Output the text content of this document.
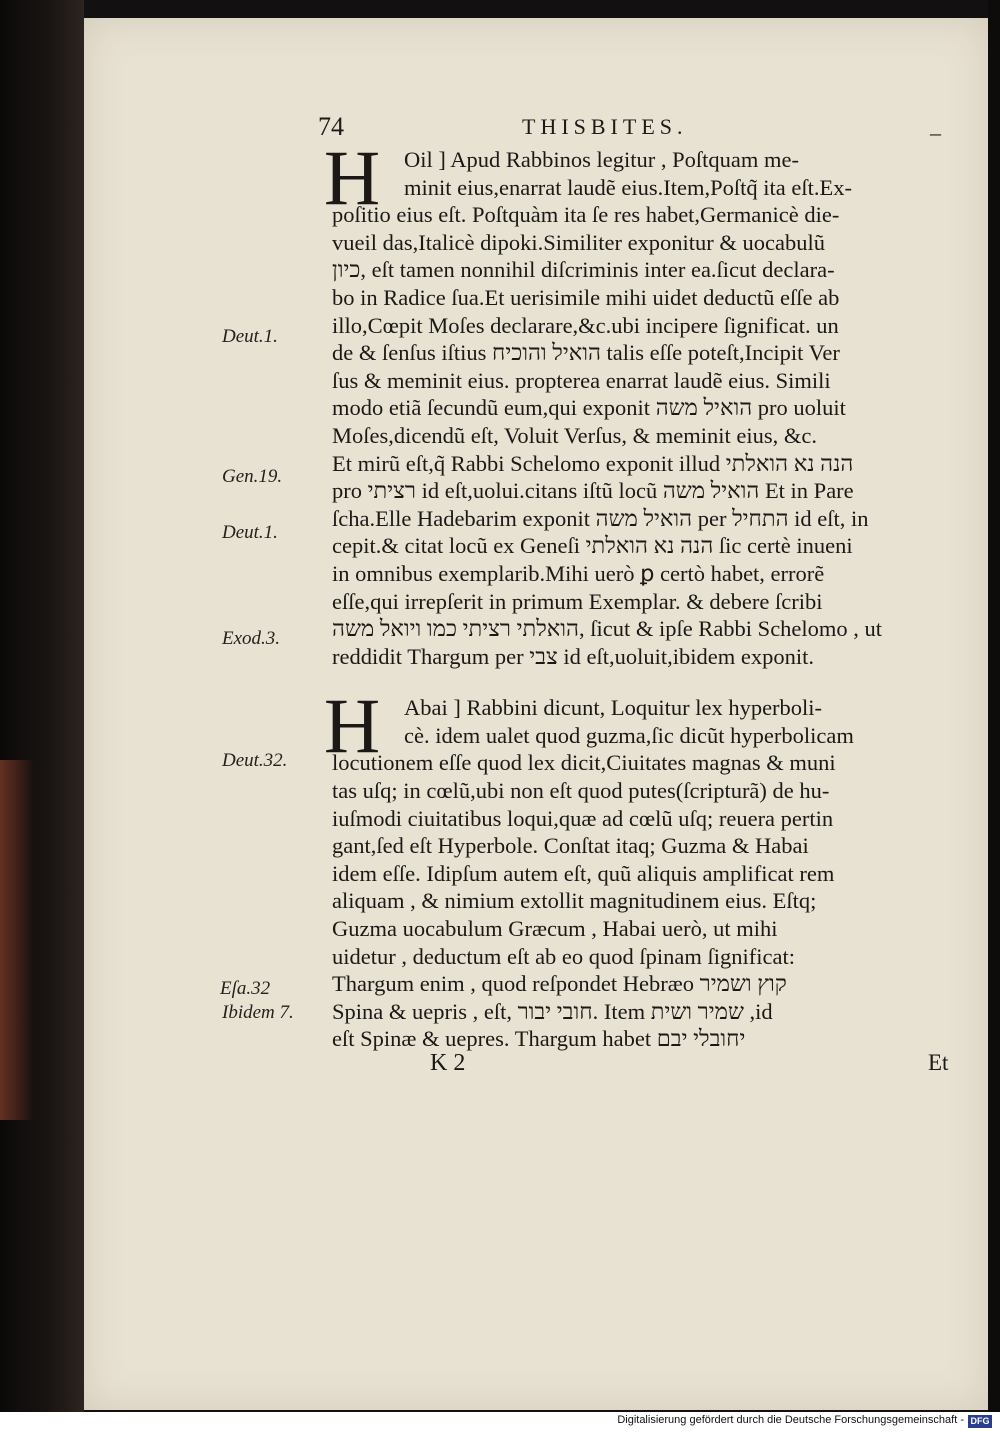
74	THISBITES.	–
H	Oil ] Apud Rabbinos legitur , Poſtquam me-
minit eius,enarrat laudẽ eius.Item,Poſtq̃ ita eſt.Ex-
poſitio eius eſt. Poſtquàm ita ſe res habet,Germanicè die-
vueil das,Italicè dipoki.Similiter exponitur & uocabulũ
כיון, eſt tamen nonnihil diſcriminis inter ea.ſicut declara-
bo in Radice ſua.Et uerisimile mihi uidet deductũ eſſe ab
illo,Cœpit Moſes declarare,&c.ubi incipere ſignificat. un
de & ſenſus iſtius הואיל והוכיח talis eſſe poteſt,Incipit Ver
ſus & meminit eius. propterea enarrat laudẽ eius. Simili
modo etiã ſecundũ eum,qui exponit הואיל משה pro uoluit
Moſes,dicendũ eſt, Voluit Verſus, & meminit eius, &c.
Et mirũ eſt,q̃ Rabbi Schelomo exponit illud הנה נא הואלתי
pro רציתי id eſt,uolui.citans iſtũ locũ הואיל משה Et in Pare
ſcha.Elle Hadebarim exponit הואיל משה per התחיל id eſt, in
cepit.& citat locũ ex Geneſi הנה נא הואלתי ſic certè inueni
in omnibus exemplarib.Mihi uerò ꝑ certò habet, errorẽ
eſſe,qui irrepſerit in primum Exemplar. & debere ſcribi
הואלתי רציתי כמו ויואל משה, ſicut & ipſe Rabbi Schelomo , ut
reddidit Thargum per צבי id eſt,uoluit,ibidem exponit.
H	Abai ] Rabbini dicunt, Loquitur lex hyperboli-
cè. idem ualet quod guzma,ſic dicũt hyperbolicam
locutionem eſſe quod lex dicit,Ciuitates magnas & muni
tas uſq; in cœlũ,ubi non eſt quod putes(ſcripturã) de hu-
iuſmodi ciuitatibus loqui,quæ ad cœlũ uſq; reuera pertin
gant,ſed eſt Hyperbole. Conſtat itaq; Guzma & Habai
idem eſſe. Idipſum autem eſt, quũ aliquis amplificat rem
aliquam , & nimium extollit magnitudinem eius. Eſtq;
Guzma uocabulum Græcum , Habai uerò, ut mihi
uidetur , deductum eſt ab eo quod ſpinam ſignificat:
Thargum enim , quod reſpondet Hebræo קוץ ושמיר
Spina & uepris , eſt, חובי יבור. Item שמיר ושית ,id
eſt Spinæ & uepres. Thargum habet יחובלי יבם
Deut.1.
Gen.19.
Deut.1.
Exod.3.
Deut.32.
Eſa.32
Ibidem 7.
K 2	Et
Digitalisierung gefördert durch die Deutsche Forschungsgemeinschaft - DFG
